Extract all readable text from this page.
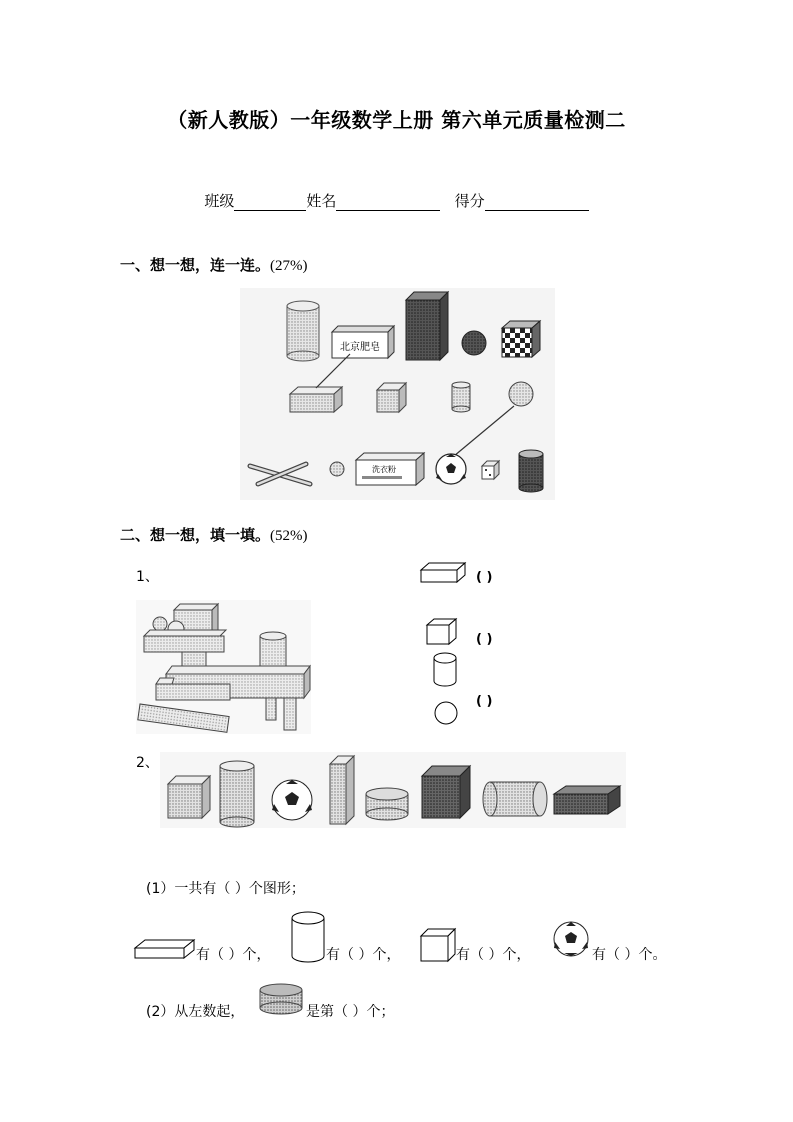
（新人教版）一年级数学上册 第六单元质量检测二
班级	姓名	得分
一、想一想，连一连。(27%)
北京肥皂
洗衣粉
二、想一想，填一填。(52%)
1、	( )
( )
( )
2、
(1）一共有（ ）个图形；
有（ ）个，	有（ ）个，	有（ ）个，	有（ ）个。
(2）从左数起，	是第（ ）个；
